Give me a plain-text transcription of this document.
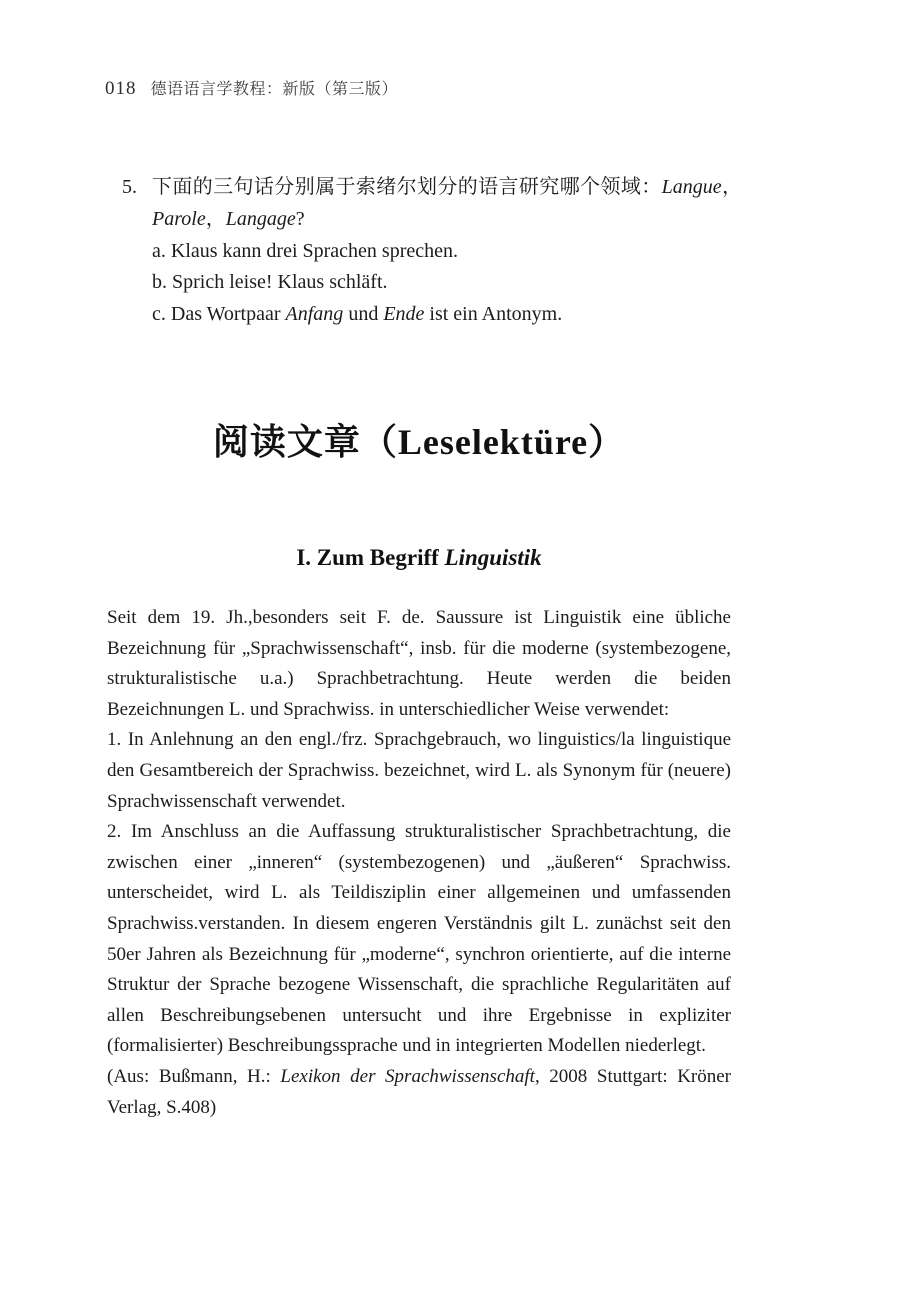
018 德语语言学教程：新版（第三版）
5. 下面的三句话分别属于索绪尔划分的语言研究哪个领域：Langue，Parole，Langage?
a. Klaus kann drei Sprachen sprechen.
b. Sprich leise! Klaus schläft.
c. Das Wortpaar Anfang und Ende ist ein Antonym.
阅读文章（Leselektüre）
I. Zum Begriff Linguistik

Seit dem 19. Jh.,besonders seit F. de. Saussure ist Linguistik eine übliche Bezeichnung für „Sprachwissenschaft“, insb. für die moderne (systembezogene, strukturalistische u.a.) Sprachbetrachtung. Heute werden die beiden Bezeichnungen L. und Sprachwiss. in unterschiedlicher Weise verwendet:

1. In Anlehnung an den engl./frz. Sprachgebrauch, wo linguistics/la linguistique den Gesamtbereich der Sprachwiss. bezeichnet, wird L. als Synonym für (neuere) Sprachwissenschaft verwendet.

2. Im Anschluss an die Auffassung strukturalistischer Sprachbetrachtung, die zwischen einer „inneren“ (systembezogenen) und „äußeren“ Sprachwiss. unterscheidet, wird L. als Teildisziplin einer allgemeinen und umfassenden Sprachwiss.verstanden. In diesem engeren Verständnis gilt L. zunächst seit den 50er Jahren als Bezeichnung für „moderne“, synchron orientierte, auf die interne Struktur der Sprache bezogene Wissenschaft, die sprachliche Regularitäten auf allen Beschreibungsebenen untersucht und ihre Ergebnisse in expliziter (formalisierter) Beschreibungssprache und in integrierten Modellen niederlegt.

(Aus: Bußmann, H.: Lexikon der Sprachwissenschaft, 2008 Stuttgart: Kröner Verlag, S.408)
